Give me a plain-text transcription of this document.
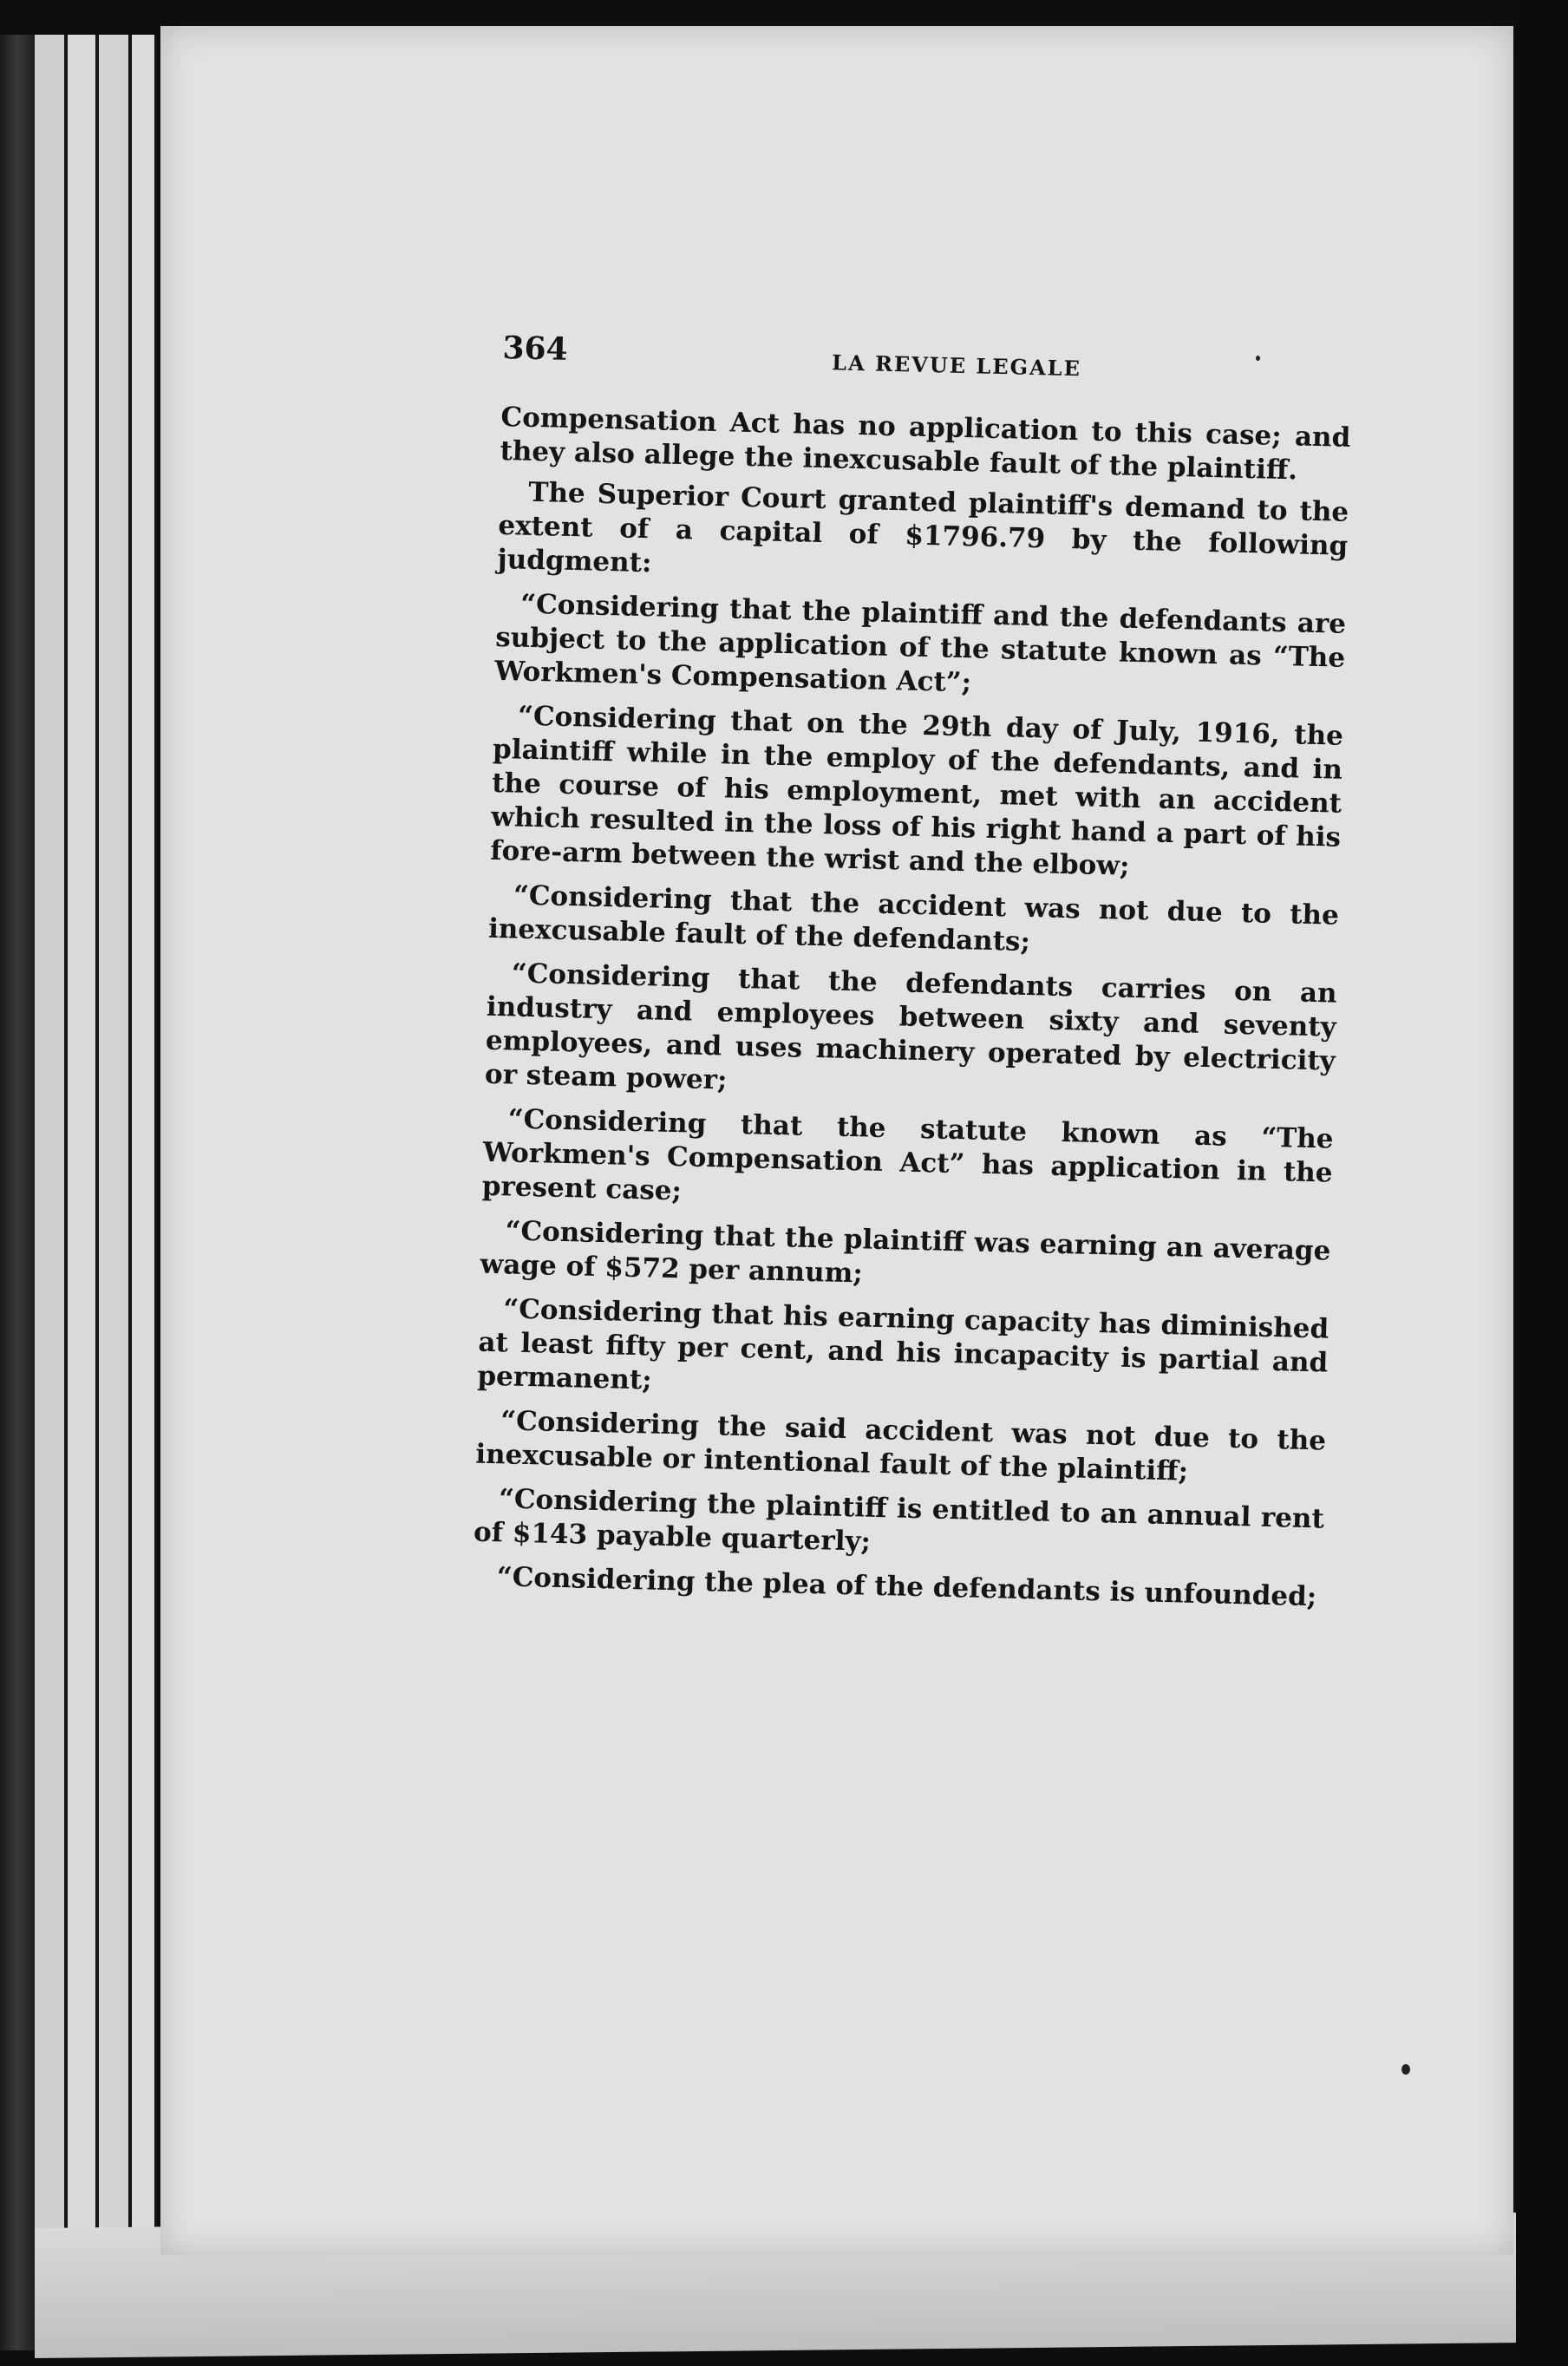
364	LA REVUE LEGALE

Compensation Act has no application to this case; and they also allege the inexcusable fault of the plaintiff.

The Superior Court granted plaintiff's demand to the extent of a capital of $1796.79 by the following judgment:

“Considering that the plaintiff and the defendants are subject to the application of the statute known as “The Workmen's Compensation Act”;

“Considering that on the 29th day of July, 1916, the plaintiff while in the employ of the defendants, and in the course of his employment, met with an accident which resulted in the loss of his right hand a part of his fore-arm between the wrist and the elbow;

“Considering that the accident was not due to the inexcusable fault of the defendants;

“Considering that the defendants carries on an industry and employees between sixty and seventy employees, and uses machinery operated by electricity or steam power;

“Considering that the statute known as “The Workmen's Compensation Act” has application in the present case;

“Considering that the plaintiff was earning an average wage of $572 per annum;

“Considering that his earning capacity has diminished at least fifty per cent, and his incapacity is partial and permanent;

“Considering the said accident was not due to the inexcusable or intentional fault of the plaintiff;

“Considering the plaintiff is entitled to an annual rent of $143 payable quarterly;

“Considering the plea of the defendants is unfounded;
